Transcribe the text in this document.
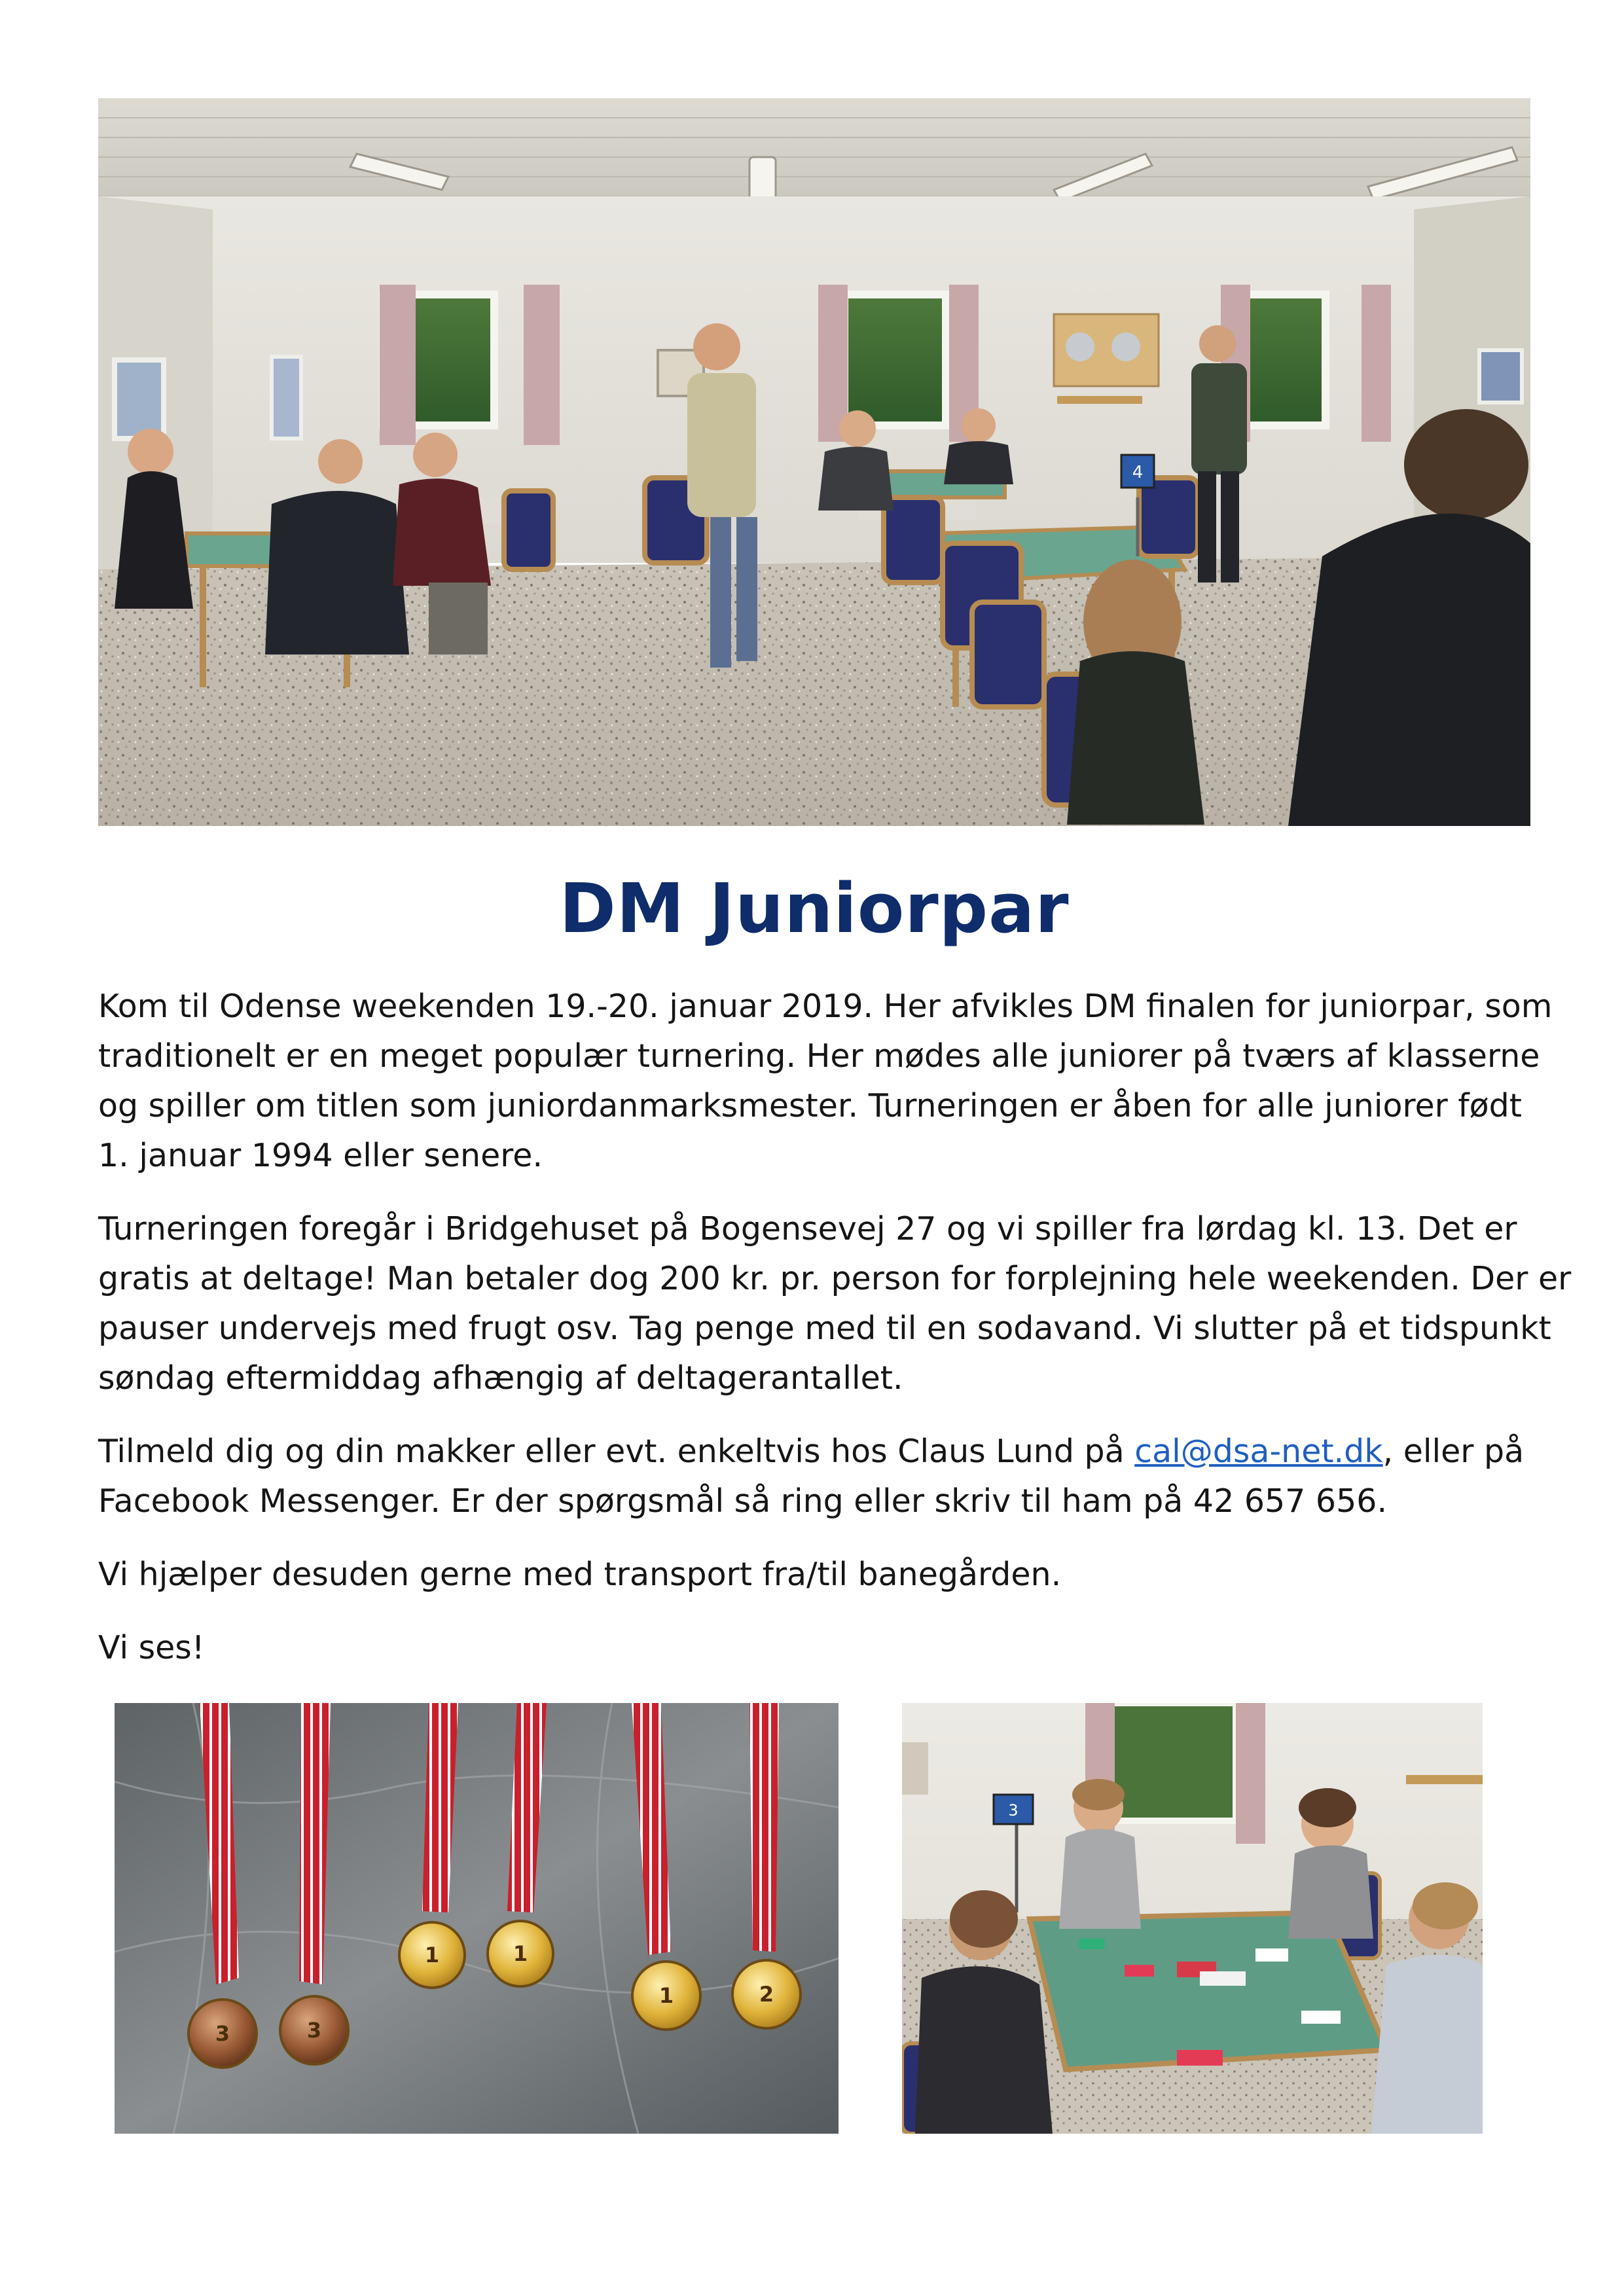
4
DM Juniorpar

Kom til Odense weekenden 19.-20. januar 2019. Her afvikles DM finalen for juniorpar, som
traditionelt er en meget populær turnering. Her mødes alle juniorer på tværs af klasserne
og spiller om titlen som juniordanmarksmester. Turneringen er åben for alle juniorer født
1. januar 1994 eller senere.

Turneringen foregår i Bridgehuset på Bogensevej 27 og vi spiller fra lørdag kl. 13. Det er
gratis at deltage! Man betaler dog 200 kr. pr. person for forplejning hele weekenden. Der er
pauser undervejs med frugt osv. Tag penge med til en sodavand. Vi slutter på et tidspunkt
søndag eftermiddag afhængig af deltagerantallet.

Tilmeld dig og din makker eller evt. enkeltvis hos Claus Lund på cal@dsa-net.dk, eller på
Facebook Messenger. Er der spørgsmål så ring eller skriv til ham på 42 657 656.

Vi hjælper desuden gerne med transport fra/til banegården.

Vi ses!

3	3
1	1
1	2
3
